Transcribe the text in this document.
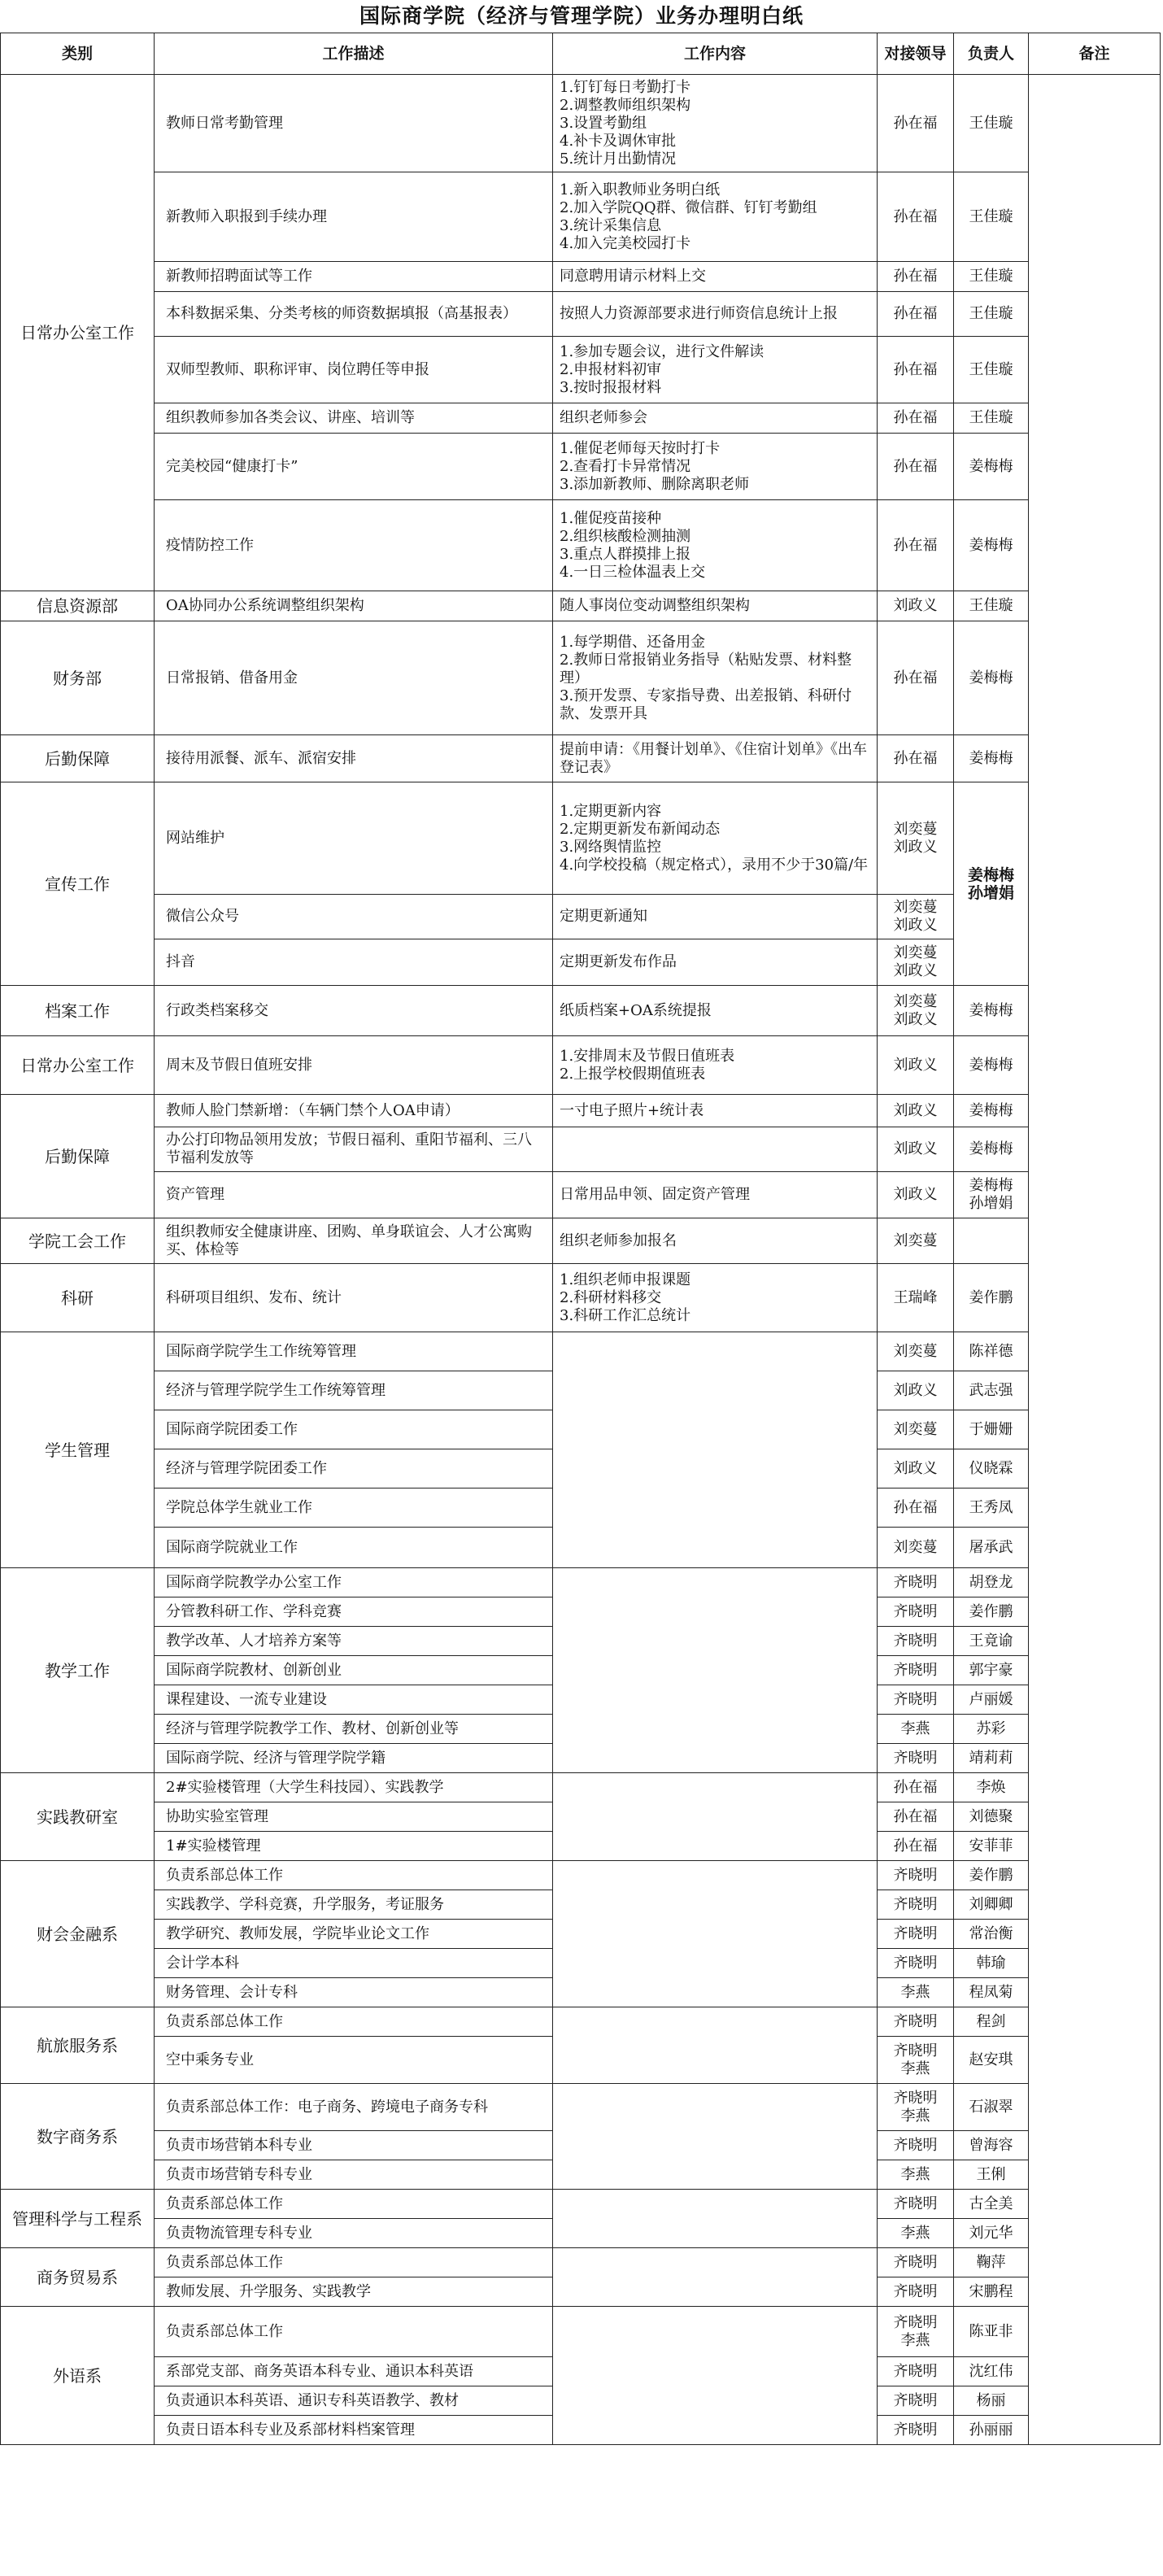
国际商学院（经济与管理学院）业务办理明白纸
类别	工作描述	工作内容	对接领导	负责人	备注
日常办公室工作	教师日常考勤管理	1.钉钉每日考勤打卡
2.调整教师组织架构
3.设置考勤组
4.补卡及调休审批
5.统计月出勤情况	孙在福	王佳璇	

	新教师入职报到手续办理	1.新入职教师业务明白纸
2.加入学院QQ群、微信群、钉钉考勤组
3.统计采集信息
4.加入完美校园打卡	孙在福	王佳璇	

	新教师招聘面试等工作	同意聘用请示材料上交	孙在福	王佳璇	

	本科数据采集、分类考核的师资数据填报（高基报表）	按照人力资源部要求进行师资信息统计上报	孙在福	王佳璇	

	双师型教师、职称评审、岗位聘任等申报	1.参加专题会议，进行文件解读
2.申报材料初审
3.按时报报材料	孙在福	王佳璇	

	组织教师参加各类会议、讲座、培训等	组织老师参会	孙在福	王佳璇	

	完美校园“健康打卡”	1.催促老师每天按时打卡
2.查看打卡异常情况
3.添加新教师、删除离职老师	孙在福	姜梅梅	

	疫情防控工作	1.催促疫苗接种
2.组织核酸检测抽测
3.重点人群摸排上报
4.一日三检体温表上交	孙在福	姜梅梅	

信息资源部	OA协同办公系统调整组织架构	随人事岗位变动调整组织架构	刘政义	王佳璇	

财务部	日常报销、借备用金	1.每学期借、还备用金
2.教师日常报销业务指导（粘贴发票、材料整理）
3.预开发票、专家指导费、出差报销、科研付款、发票开具	孙在福	姜梅梅	

后勤保障	接待用派餐、派车、派宿安排	提前申请：《用餐计划单》、《住宿计划单》《出车登记表》	孙在福	姜梅梅	

宣传工作	网站维护	1.定期更新内容
2.定期更新发布新闻动态
3.网络舆情监控
4.向学校投稿（规定格式），录用不少于30篇/年	刘奕蔓
刘政义	姜梅梅
孙增娟	

	微信公众号	定期更新通知	刘奕蔓
刘政义		

	抖音	定期更新发布作品	刘奕蔓
刘政义		

档案工作	行政类档案移交	纸质档案+OA系统提报	刘奕蔓
刘政义	姜梅梅	

日常办公室工作	周末及节假日值班安排	1.安排周末及节假日值班表
2.上报学校假期值班表	刘政义	姜梅梅	

后勤保障	教师人脸门禁新增：（车辆门禁个人OA申请）	一寸电子照片+统计表	刘政义	姜梅梅	

	办公打印物品领用发放；节假日福利、重阳节福利、三八节福利发放等		刘政义	姜梅梅	

	资产管理	日常用品申领、固定资产管理	刘政义	姜梅梅
孙增娟	

学院工会工作	组织教师安全健康讲座、团购、单身联谊会、人才公寓购买、体检等	组织老师参加报名	刘奕蔓		

科研	科研项目组织、发布、统计	1.组织老师申报课题
2.科研材料移交
3.科研工作汇总统计	王瑞峰	姜作鹏	

学生管理	国际商学院学生工作统筹管理		刘奕蔓	陈祥德	

	经济与管理学院学生工作统筹管理		刘政义	武志强	

	国际商学院团委工作		刘奕蔓	于姗姗	

	经济与管理学院团委工作		刘政义	仪晓霖	

	学院总体学生就业工作		孙在福	王秀凤	

	国际商学院就业工作		刘奕蔓	屠承武	

教学工作	国际商学院教学办公室工作		齐晓明	胡登龙	

	分管教科研工作、学科竞赛		齐晓明	姜作鹏	

	教学改革、人才培养方案等		齐晓明	王竟谕	

	国际商学院教材、创新创业		齐晓明	郭宇豪	

	课程建设、一流专业建设		齐晓明	卢丽媛	

	经济与管理学院教学工作、教材、创新创业等		李燕	苏彩	

	国际商学院、经济与管理学院学籍		齐晓明	靖莉莉	

实践教研室	2#实验楼管理（大学生科技园）、实践教学		孙在福	李焕	

	协助实验室管理		孙在福	刘德聚	

	1#实验楼管理		孙在福	安菲菲	

财会金融系	负责系部总体工作		齐晓明	姜作鹏	

	实践教学、学科竞赛，升学服务，考证服务		齐晓明	刘卿卿	

	教学研究、教师发展，学院毕业论文工作		齐晓明	常治衡	

	会计学本科		齐晓明	韩瑜	

	财务管理、会计专科		李燕	程凤菊	

航旅服务系	负责系部总体工作		齐晓明	程剑	

	空中乘务专业		齐晓明
李燕	赵安琪	

数字商务系	负责系部总体工作：电子商务、跨境电子商务专科		齐晓明
李燕	石淑翠	

	负责市场营销本科专业		齐晓明	曾海容	

	负责市场营销专科专业		李燕	王俐	

管理科学与工程系	负责系部总体工作		齐晓明	古全美	

	负责物流管理专科专业		李燕	刘元华	

商务贸易系	负责系部总体工作		齐晓明	鞠萍	

	教师发展、升学服务、实践教学		齐晓明	宋鹏程	

外语系	负责系部总体工作		齐晓明
李燕	陈亚非	

	系部党支部、商务英语本科专业、通识本科英语		齐晓明	沈红伟	

	负责通识本科英语、通识专科英语教学、教材		齐晓明	杨丽	

	负责日语本科专业及系部材料档案管理		齐晓明	孙丽丽	
